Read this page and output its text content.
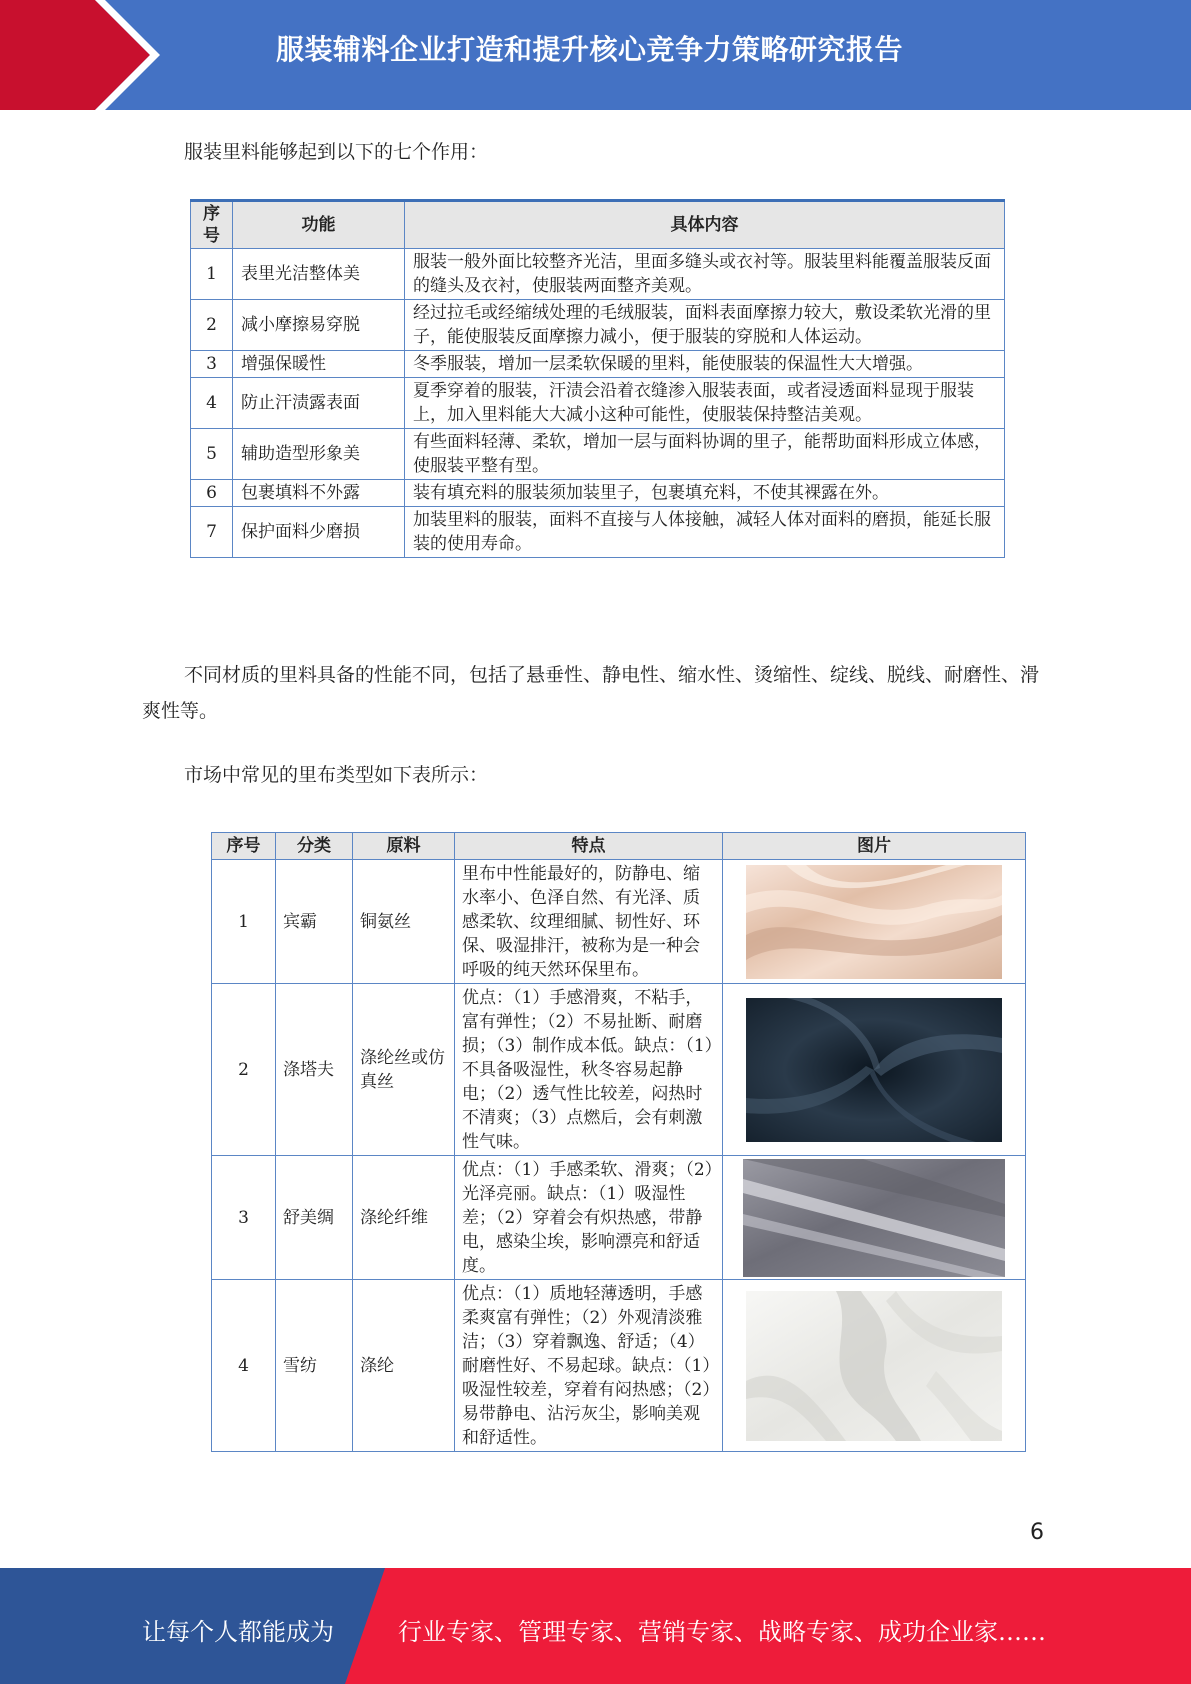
服装辅料企业打造和提升核心竞争力策略研究报告

服装里料能够起到以下的七个作用：

序号	功能	具体内容
1	表里光洁整体美	服装一般外面比较整齐光洁，里面多缝头或衣衬等。服装里料能覆盖服装反面的缝头及衣衬，使服装两面整齐美观。
2	减小摩擦易穿脱	经过拉毛或经缩绒处理的毛绒服装，面料表面摩擦力较大，敷设柔软光滑的里子，能使服装反面摩擦力减小，便于服装的穿脱和人体运动。
3	增强保暖性	冬季服装，增加一层柔软保暖的里料，能使服装的保温性大大增强。
4	防止汗渍露表面	夏季穿着的服装，汗渍会沿着衣缝渗入服装表面，或者浸透面料显现于服装上，加入里料能大大减小这种可能性，使服装保持整洁美观。
5	辅助造型形象美	有些面料轻薄、柔软，增加一层与面料协调的里子，能帮助面料形成立体感，使服装平整有型。
6	包裹填料不外露	装有填充料的服装须加装里子，包裹填充料，不使其裸露在外。
7	保护面料少磨损	加装里料的服装，面料不直接与人体接触，减轻人体对面料的磨损，能延长服装的使用寿命。

不同材质的里料具备的性能不同，包括了悬垂性、静电性、缩水性、烫缩性、绽线、脱线、耐磨性、滑爽性等。

市场中常见的里布类型如下表所示：

序号	分类	原料	特点	图片
1	宾霸	铜氨丝	里布中性能最好的，防静电、缩水率小、色泽自然、有光泽、质感柔软、纹理细腻、韧性好、环保、吸湿排汗，被称为是一种会呼吸的纯天然环保里布。	

2	涤塔夫	涤纶丝或仿真丝	优点：（1）手感滑爽，不粘手，富有弹性；（2）不易扯断、耐磨损；（3）制作成本低。缺点：（1）不具备吸湿性，秋冬容易起静电；（2）透气性比较差，闷热时不清爽；（3）点燃后，会有刺激性气味。	

3	舒美绸	涤纶纤维	优点：（1）手感柔软、滑爽；（2）光泽亮丽。缺点：（1）吸湿性差；（2）穿着会有炽热感，带静电，感染尘埃，影响漂亮和舒适度。	

4	雪纺	涤纶	优点：（1）质地轻薄透明，手感柔爽富有弹性；（2）外观清淡雅洁；（3）穿着飘逸、舒适；（4）耐磨性好、不易起球。缺点：（1）吸湿性较差，穿着有闷热感；（2）易带静电、沾污灰尘，影响美观和舒适性。	
6
让每个人都能成为	行业专家、管理专家、营销专家、战略专家、成功企业家……
